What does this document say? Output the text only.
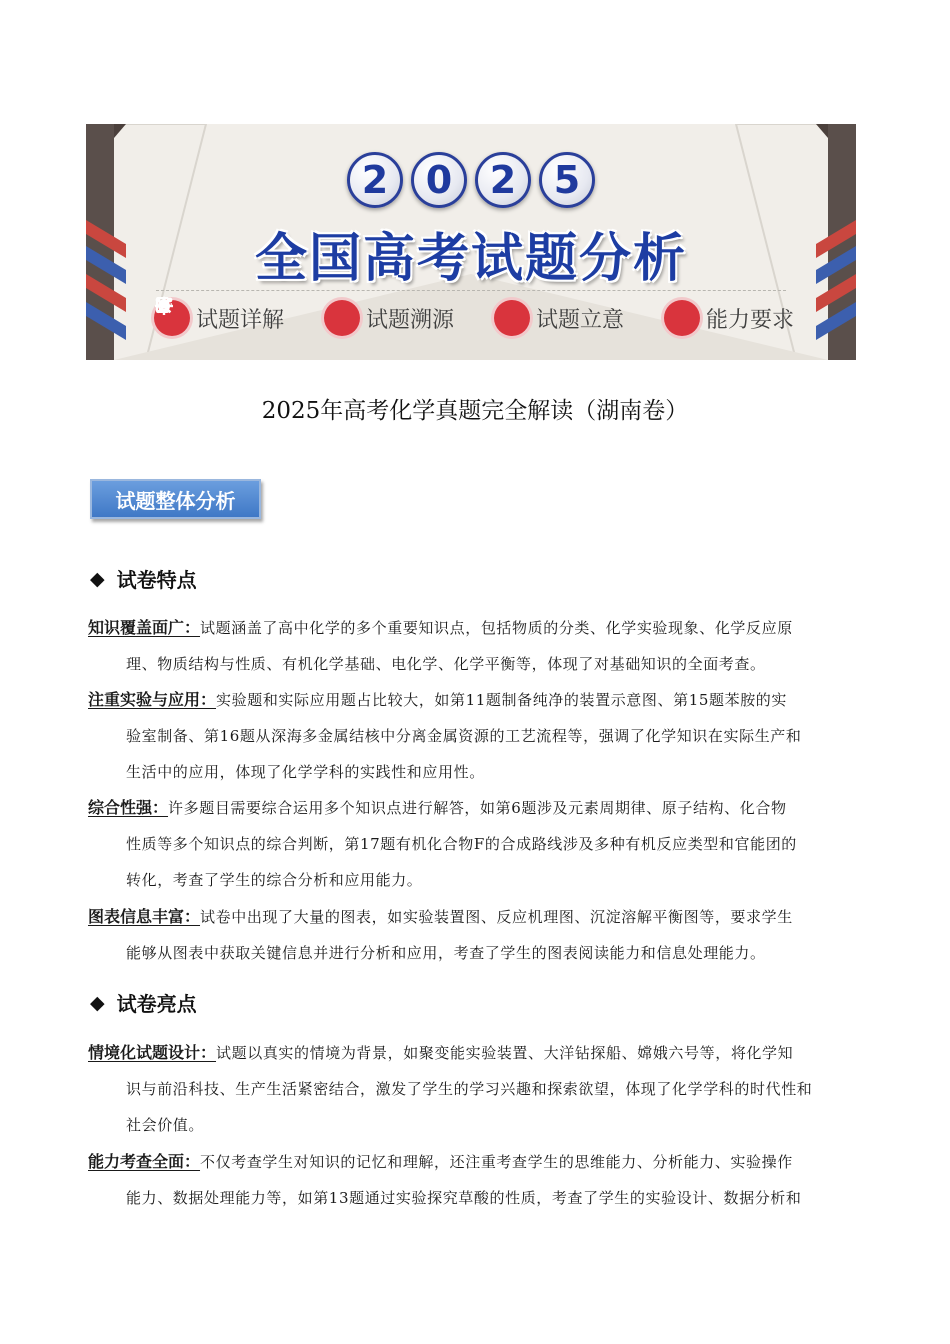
2 0 2 5
全国高考试题分析
试题详解	试题溯源	试题立意	能力要求
2025年高考化学真题完全解读（湖南卷）
试题整体分析
◆ 试卷特点
知识覆盖面广：试题涵盖了高中化学的多个重要知识点，包括物质的分类、化学实验现象、化学反应原
理、物质结构与性质、有机化学基础、电化学、化学平衡等，体现了对基础知识的全面考查。
注重实验与应用：实验题和实际应用题占比较大，如第11题制备纯净的装置示意图、第15题苯胺的实
验室制备、第16题从深海多金属结核中分离金属资源的工艺流程等，强调了化学知识在实际生产和
生活中的应用，体现了化学学科的实践性和应用性。
综合性强：许多题目需要综合运用多个知识点进行解答，如第6题涉及元素周期律、原子结构、化合物
性质等多个知识点的综合判断，第17题有机化合物F的合成路线涉及多种有机反应类型和官能团的
转化，考查了学生的综合分析和应用能力。
图表信息丰富：试卷中出现了大量的图表，如实验装置图、反应机理图、沉淀溶解平衡图等，要求学生
能够从图表中获取关键信息并进行分析和应用，考查了学生的图表阅读能力和信息处理能力。
◆ 试卷亮点
情境化试题设计：试题以真实的情境为背景，如聚变能实验装置、大洋钻探船、嫦娥六号等，将化学知
识与前沿科技、生产生活紧密结合，激发了学生的学习兴趣和探索欲望，体现了化学学科的时代性和
社会价值。
能力考查全面：不仅考查学生对知识的记忆和理解，还注重考查学生的思维能力、分析能力、实验操作
能力、数据处理能力等，如第13题通过实验探究草酸的性质，考查了学生的实验设计、数据分析和
